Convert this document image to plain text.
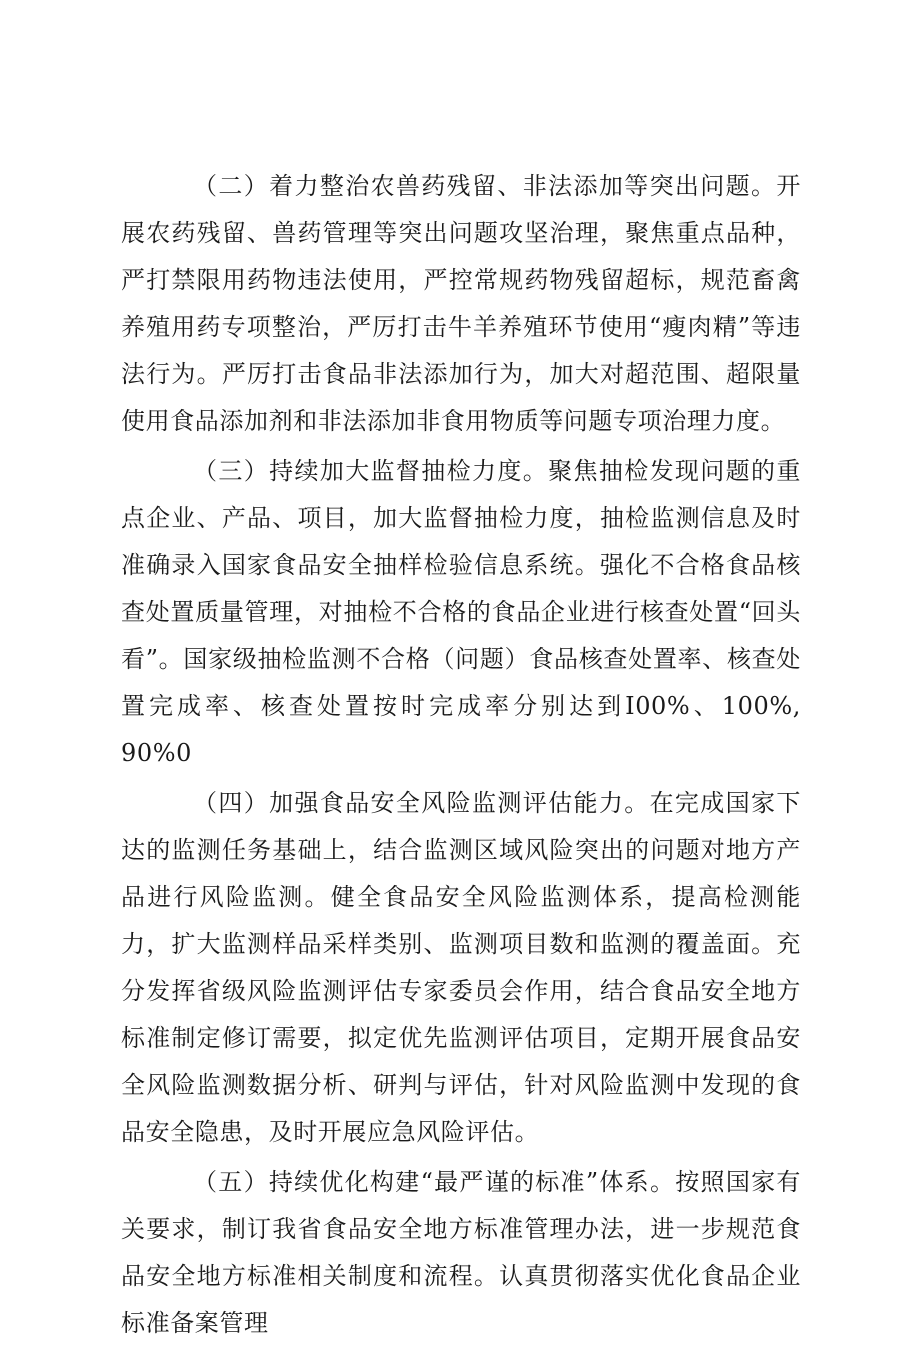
（二）着力整治农兽药残留、非法添加等突出问题。开展农药残留、兽药管理等突出问题攻坚治理，聚焦重点品种，严打禁限用药物违法使用，严控常规药物残留超标，规范畜禽养殖用药专项整治，严厉打击牛羊养殖环节使用“瘦肉精”等违法行为。严厉打击食品非法添加行为，加大对超范围、超限量使用食品添加剂和非法添加非食用物质等问题专项治理力度。

（三）持续加大监督抽检力度。聚焦抽检发现问题的重点企业、产品、项目，加大监督抽检力度，抽检监测信息及时准确录入国家食品安全抽样检验信息系统。强化不合格食品核查处置质量管理，对抽检不合格的食品企业进行核查处置“回头看”。国家级抽检监测不合格（问题）食品核查处置率、核查处置完成率、核查处置按时完成率分别达到I00%、100%, 90%0

（四）加强食品安全风险监测评估能力。在完成国家下达的监测任务基础上，结合监测区域风险突出的问题对地方产品进行风险监测。健全食品安全风险监测体系，提高检测能力，扩大监测样品采样类别、监测项目数和监测的覆盖面。充分发挥省级风险监测评估专家委员会作用，结合食品安全地方标准制定修订需要，拟定优先监测评估项目，定期开展食品安全风险监测数据分析、研判与评估，针对风险监测中发现的食品安全隐患，及时开展应急风险评估。

（五）持续优化构建“最严谨的标准”体系。按照国家有关要求，制订我省食品安全地方标准管理办法，进一步规范食品安全地方标准相关制度和流程。认真贯彻落实优化食品企业标准备案管理
